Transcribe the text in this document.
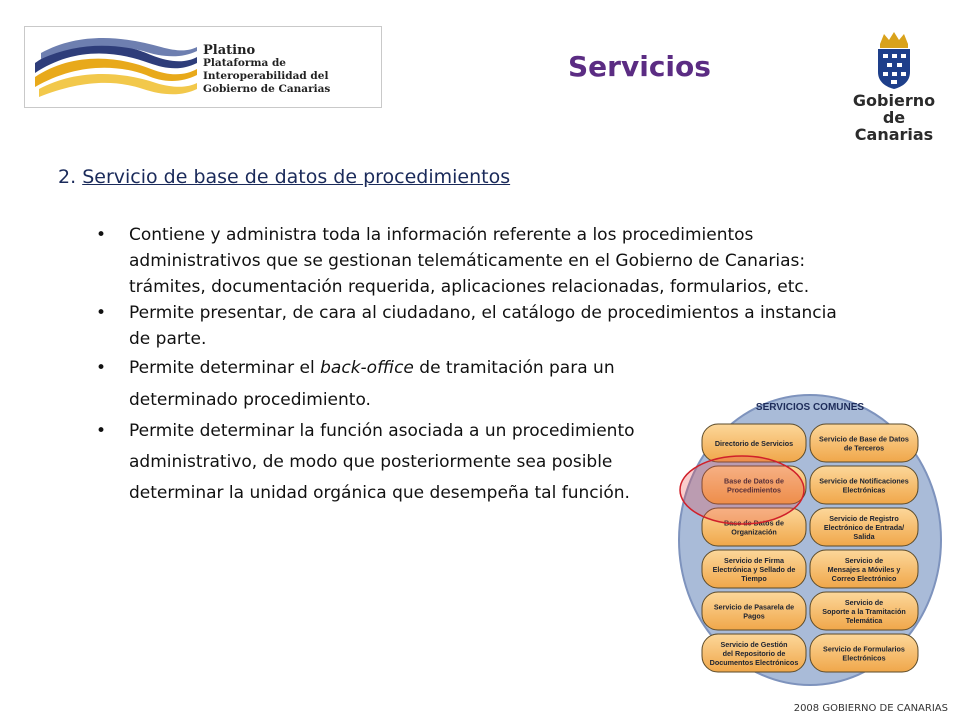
Platino
Plataforma de Interoperabilidad del
Gobierno de Canarias
Servicios
Gobierno
de Canarias
2. Servicio de base de datos de procedimientos
• Contiene y administra toda la información referente a los procedimientos administrativos que se gestionan telemáticamente en el Gobierno de Canarias: trámites, documentación requerida, aplicaciones relacionadas, formularios, etc.
• Permite presentar, de cara al ciudadano, el catálogo de procedimientos a instancia de parte.
• Permite determinar el back-office de tramitación para un determinado procedimiento.
• Permite determinar la función asociada a un procedimiento administrativo, de modo que posteriormente sea posible determinar la unidad orgánica que desempeña tal función.
SERVICIOS COMUNES
Directorio de Servicios
Base de Datos de
Procedimientos
Base de Datos de
Organización
Servicio de Firma
Electrónica y Sellado de
Tiempo
Servicio de Pasarela de
Pagos
Servicio de Gestión
del Repositorio de
Documentos Electrónicos
Servicio de Base de Datos
de Terceros
Servicio de Notificaciones
Electrónicas
Servicio de Registro
Electrónico de Entrada/
Salida
Servicio de
Mensajes a Móviles y
Correo Electrónico
Servicio de
Soporte a la Tramitación
Telemática
Servicio de Formularios
Electrónicos
2008 GOBIERNO DE CANARIAS
